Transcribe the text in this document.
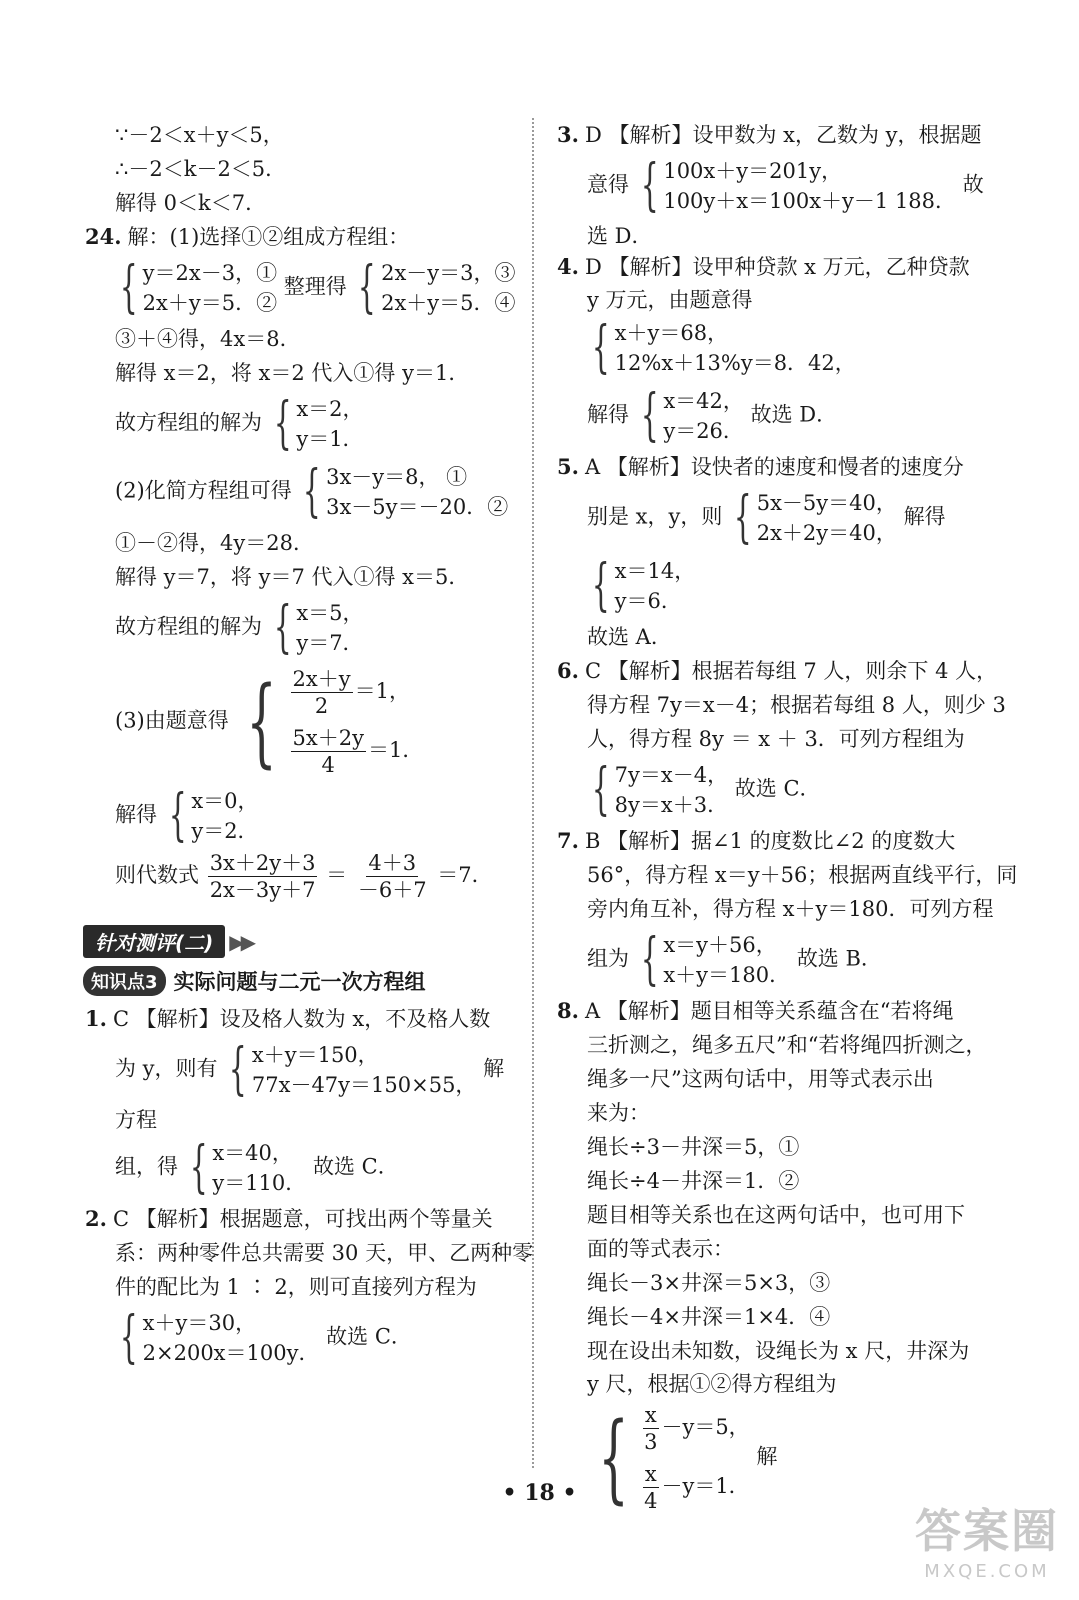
∵－2＜x＋y＜5，
∴－2＜k－2＜5．
解得 0＜k＜7．
24. 解：(1)选择①②组成方程组：
{ y＝2x－3，①
2x＋y＝5．②
整理得 { 2x－y＝3，③
2x＋y＝5．④
③＋④得，4x＝8．
解得 x＝2，将 x＝2 代入①得 y＝1．
故方程组的解为 { x＝2，
y＝1．
(2)化简方程组可得 { 3x－y＝8， ①
3x－5y＝－20．②
①－②得，4y＝28．
解得 y＝7，将 y＝7 代入①得 x＝5．
故方程组的解为 { x＝5，
y＝7．
(3)由题意得 { $\frac{2x+y}{2} =1$，
$\frac{5x+2y}{4} =1$．
解得 { x＝0，
y＝2．
则代数式 $\frac{3x+2y+3}{2x-3y+7} = \frac{4+3}{-6+7} =7$．
针对测评(二) ▶▶
知识点3 实际问题与二元一次方程组
1. C 【解析】设及格人数为 x，不及格人数
为 y，则有 { x＋y＝150，
77x－47y＝150×55，
解方程
组，得 { x＝40，
y＝110．
故选 C．
2. C 【解析】根据题意，可找出两个等量关
系：两种零件总共需要 30 天，甲、乙两种零
件的配比为 1 ∶ 2，则可直接列方程为
{ x＋y＝30，
2×200x＝100y．
故选 C．
3. D 【解析】设甲数为 x，乙数为 y，根据题
意得 { 100x＋y＝201y，
100y＋x＝100x＋y－1 188．
故选 D．
4. D 【解析】设甲种贷款 x 万元，乙种贷款
y 万元，由题意得
{ x＋y＝68，
12%x＋13%y＝8．42，
解得 { x＝42，
y＝26．
故选 D．
5. A 【解析】设快者的速度和慢者的速度分
别是 x，y，则 { 5x－5y＝40，
2x＋2y＝40，
解得
{ x＝14，
y＝6．
故选 A．
6. C 【解析】根据若每组 7 人，则余下 4 人，
得方程 7y＝x－4；根据若每组 8 人，则少 3
人，得方程 8y ＝ x ＋ 3．可列方程组为
{ 7y＝x－4，
8y＝x＋3．
故选 C．
7. B 【解析】据∠1 的度数比∠2 的度数大
56°，得方程 x＝y＋56；根据两直线平行，同
旁内角互补，得方程 x＋y＝180．可列方程
组为 { x＝y＋56，
x＋y＝180．
故选 B．
8. A 【解析】题目相等关系蕴含在“若将绳
三折测之，绳多五尺”和“若将绳四折测之，
绳多一尺”这两句话中，用等式表示出
来为：
绳长÷3－井深＝5，①
绳长÷4－井深＝1．②
题目相等关系也在这两句话中，也可用下
面的等式表示：
绳长－3×井深＝5×3，③
绳长－4×井深＝1×4．④
现在设出未知数，设绳长为 x 尺，井深为
y 尺，根据①②得方程组为
{ $\frac{x}{3} -y=5$，
$\frac{x}{4} -y=1$．
解
• 18 •
答案圈
MXQE.COM
